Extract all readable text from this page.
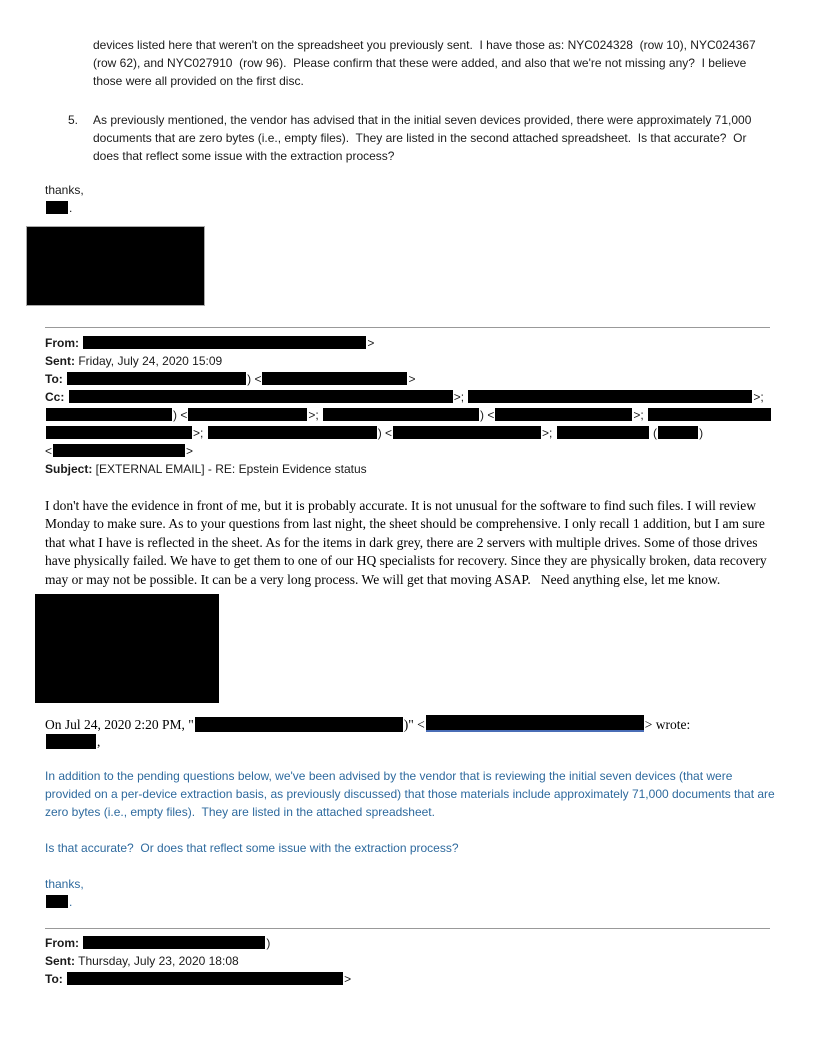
devices listed here that weren't on the spreadsheet you previously sent.  I have those as: NYC024328  (row 10), NYC024367  (row 62), and NYC027910  (row 96).  Please confirm that these were added, and also that we're not missing any?  I believe those were all provided on the first disc.
5.	As previously mentioned, the vendor has advised that in the initial seven devices provided, there were approximately 71,000 documents that are zero bytes (i.e., empty files).  They are listed in the second attached spreadsheet.  Is that accurate?  Or does that reflect some issue with the extraction process?
thanks,
.
From:	>
Sent: Friday, July 24, 2020 15:09
To:	) <	>
Cc:	>;	>;
) <	>;	) <	>;
>;	) <	>;	(	)
<	>
Subject: [EXTERNAL EMAIL] - RE: Epstein Evidence status
I don't have the evidence in front of me, but it is probably accurate. It is not unusual for the software to find such files. I will review Monday to make sure. As to your questions from last night, the sheet should be comprehensive. I only recall 1 addition, but I am sure that what I have is reflected in the sheet. As for the items in dark grey, there are 2 servers with multiple drives. Some of those drives have physically failed. We have to get them to one of our HQ specialists for recovery. Since they are physically broken, data recovery may or may not be possible. It can be a very long process. We will get that moving ASAP.   Need anything else, let me know.
On Jul 24, 2020 2:20 PM, "	)" <	> wrote:
,
In addition to the pending questions below, we've been advised by the vendor that is reviewing the initial seven devices (that were provided on a per-device extraction basis, as previously discussed) that those materials include approximately 71,000 documents that are zero bytes (i.e., empty files).  They are listed in the attached spreadsheet.
Is that accurate?  Or does that reflect some issue with the extraction process?
thanks,
.
From:	)
Sent: Thursday, July 23, 2020 18:08
To:	>
